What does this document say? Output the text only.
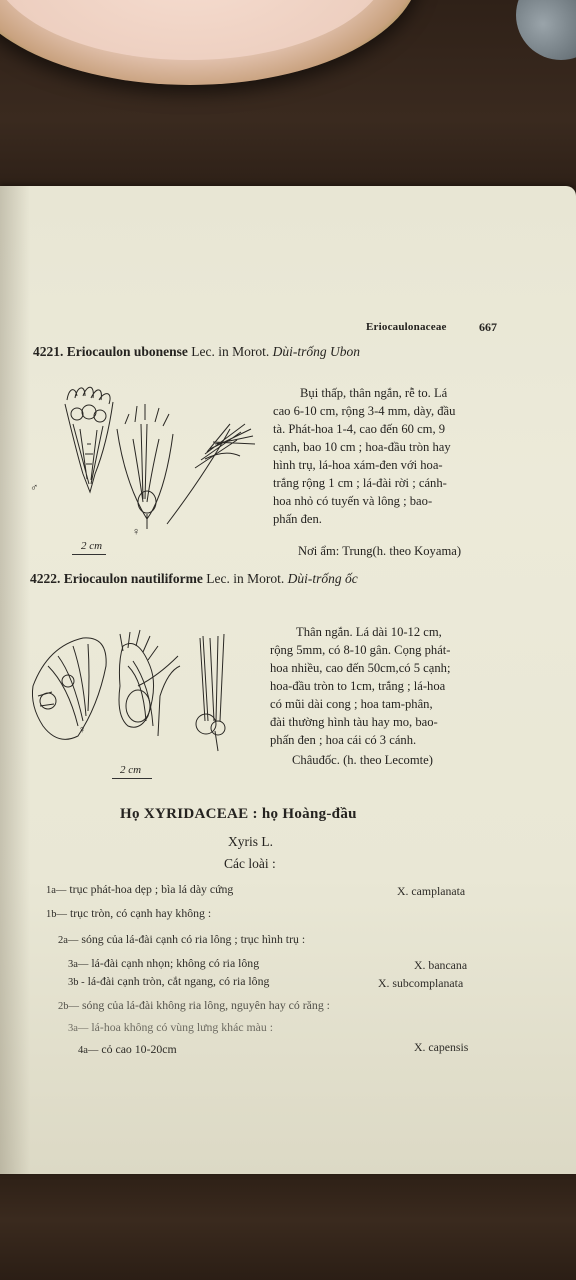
Eriocaulonaceae	667
4221. Eriocaulon ubonense Lec. in Morot. Dùi-trống Ubon
♂
♀
2 cm
Bụi thấp, thân ngắn, rễ to. Lá
cao 6-10 cm, rộng 3-4 mm, dày, đầu
tà. Phát-hoa 1-4, cao đến 60 cm, 9
cạnh, bao 10 cm ; hoa-đầu tròn hay
hình trụ, lá-hoa xám-đen với hoa-
trắng rộng 1 cm ; lá-đài rời ; cánh-
hoa nhỏ có tuyến và lông ; bao-
phấn đen.
Nơi ẩm: Trung(h. theo Koyama)
4222. Eriocaulon nautiliforme Lec. in Morot. Dùi-trống ốc
♀
2 cm
Thân ngắn. Lá dài 10-12 cm,
rộng 5mm, có 8-10 gân. Cọng phát-
hoa nhiều, cao đến 50cm,có 5 cạnh;
hoa-đầu tròn to 1cm, trắng ; lá-hoa
có mũi dài cong ; hoa tam-phân,
đài thường hình tàu hay mo, bao-
phấn đen ; hoa cái có 3 cánh.
Châuđốc. (h. theo Lecomte)
Họ XYRIDACEAE : họ Hoàng-đầu
Xyris L.
Các loài :
1a— trục phát-hoa dẹp ; bìa lá dày cứng	X. camplanata
1b— trục tròn, có cạnh hay không :
2a— sóng của lá-đài cạnh có ria lông ; trục hình trụ :
3a— lá-đài cạnh nhọn; không có ria lông	X. bancana
3b - lá-đài cạnh tròn, cắt ngang, có ria lông	X. subcomplanata
2b— sóng của lá-đài không ria lông, nguyên hay có răng :
3a— lá-hoa không có vùng lưng khác màu :
4a— cỏ cao 10-20cm	X. capensis
